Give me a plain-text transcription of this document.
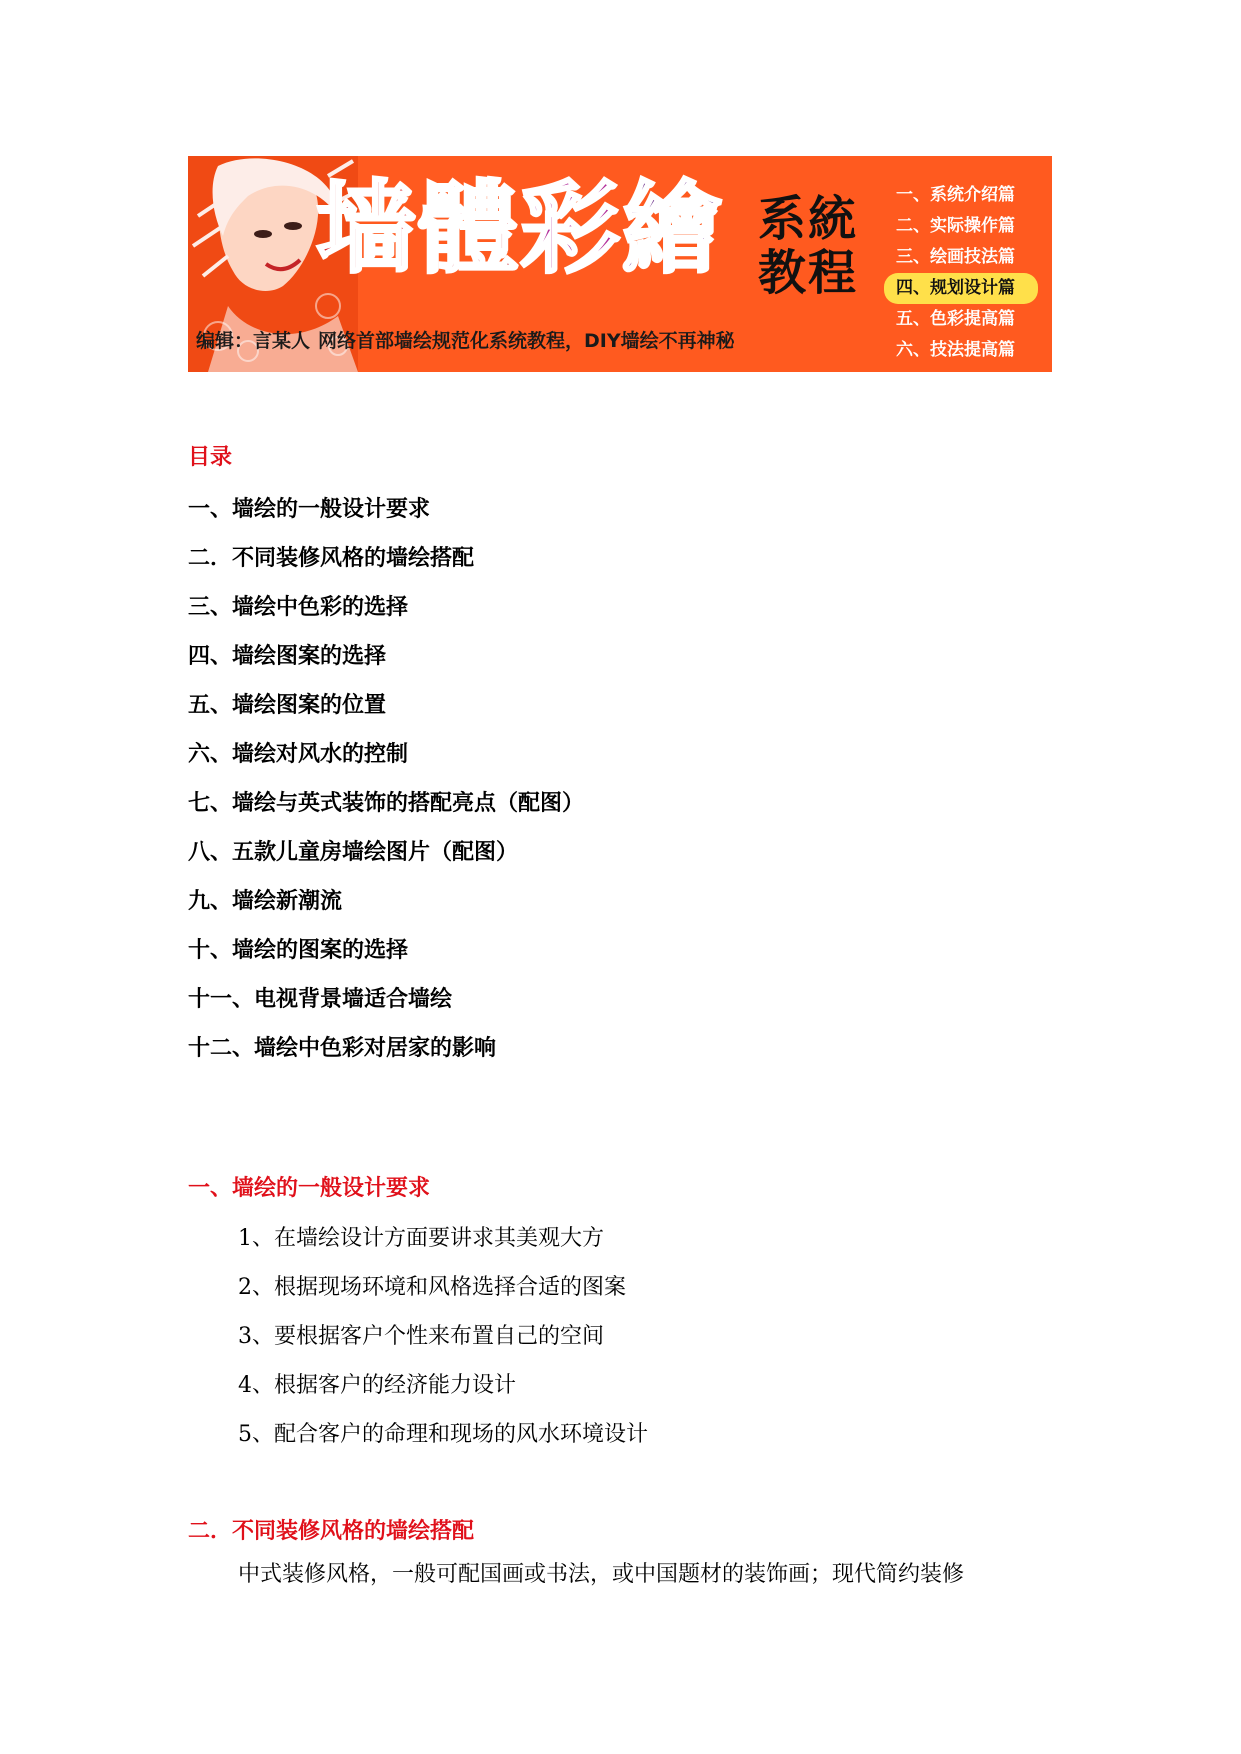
墙體彩繪 系統教程
编辑：言某人 网络首部墙绘规范化系统教程，DIY墙绘不再神秘
一、系统介绍篇
二、实际操作篇
三、绘画技法篇
四、规划设计篇
五、色彩提高篇
六、技法提高篇
目录
一、墙绘的一般设计要求
二．不同装修风格的墙绘搭配
三、墙绘中色彩的选择
四、墙绘图案的选择
五、墙绘图案的位置
六、墙绘对风水的控制
七、墙绘与英式装饰的搭配亮点（配图）
八、五款儿童房墙绘图片（配图）
九、墙绘新潮流
十、墙绘的图案的选择
十一、电视背景墙适合墙绘
十二、墙绘中色彩对居家的影响
一、墙绘的一般设计要求
1、在墙绘设计方面要讲求其美观大方
2、根据现场环境和风格选择合适的图案
3、要根据客户个性来布置自己的空间
4、根据客户的经济能力设计
5、配合客户的命理和现场的风水环境设计
二．不同装修风格的墙绘搭配
中式装修风格，一般可配国画或书法，或中国题材的装饰画；现代简约装修
